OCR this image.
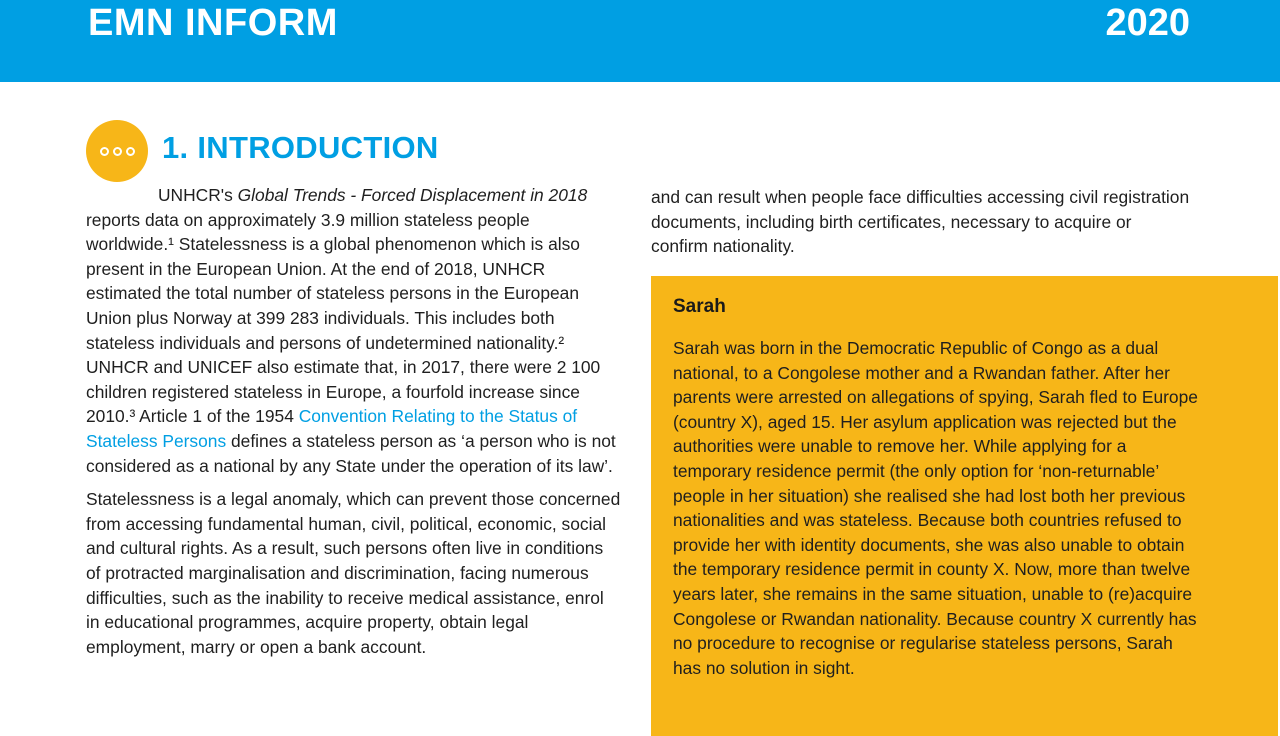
EMN INFORM	2020
1. INTRODUCTION

UNHCR's Global Trends - Forced Displacement in 2018 reports data on approximately 3.9 million stateless people worldwide.¹ Statelessness is a global phenomenon which is also present in the European Union. At the end of 2018, UNHCR estimated the total number of stateless persons in the European Union plus Norway at 399 283 individuals. This includes both stateless individuals and persons of undetermined nationality.² UNHCR and UNICEF also estimate that, in 2017, there were 2 100 children registered stateless in Europe, a fourfold increase since 2010.³ Article 1 of the 1954 Convention Relating to the Status of Stateless Persons defines a stateless person as ‘a person who is not considered as a national by any State under the operation of its law’.

Statelessness is a legal anomaly, which can prevent those concerned from accessing fundamental human, civil, political, economic, social and cultural rights. As a result, such persons often live in conditions of protracted marginalisation and discrimination, facing numerous difficulties, such as the inability to receive medical assistance, enrol in educational programmes, acquire property, obtain legal employment, marry or open a bank account.

and can result when people face difficulties accessing civil registration documents, including birth certificates, necessary to acquire or confirm nationality.

Sarah

Sarah was born in the Democratic Republic of Congo as a dual national, to a Congolese mother and a Rwandan father. After her parents were arrested on allegations of spying, Sarah fled to Europe (country X), aged 15. Her asylum application was rejected but the authorities were unable to remove her. While applying for a temporary residence permit (the only option for ‘non-returnable’ people in her situation) she realised she had lost both her previous nationalities and was stateless. Because both countries refused to provide her with identity documents, she was also unable to obtain the temporary residence permit in county X. Now, more than twelve years later, she remains in the same situation, unable to (re)acquire Congolese or Rwandan nationality. Because country X currently has no procedure to recognise or regularise stateless persons, Sarah has no solution in sight.
